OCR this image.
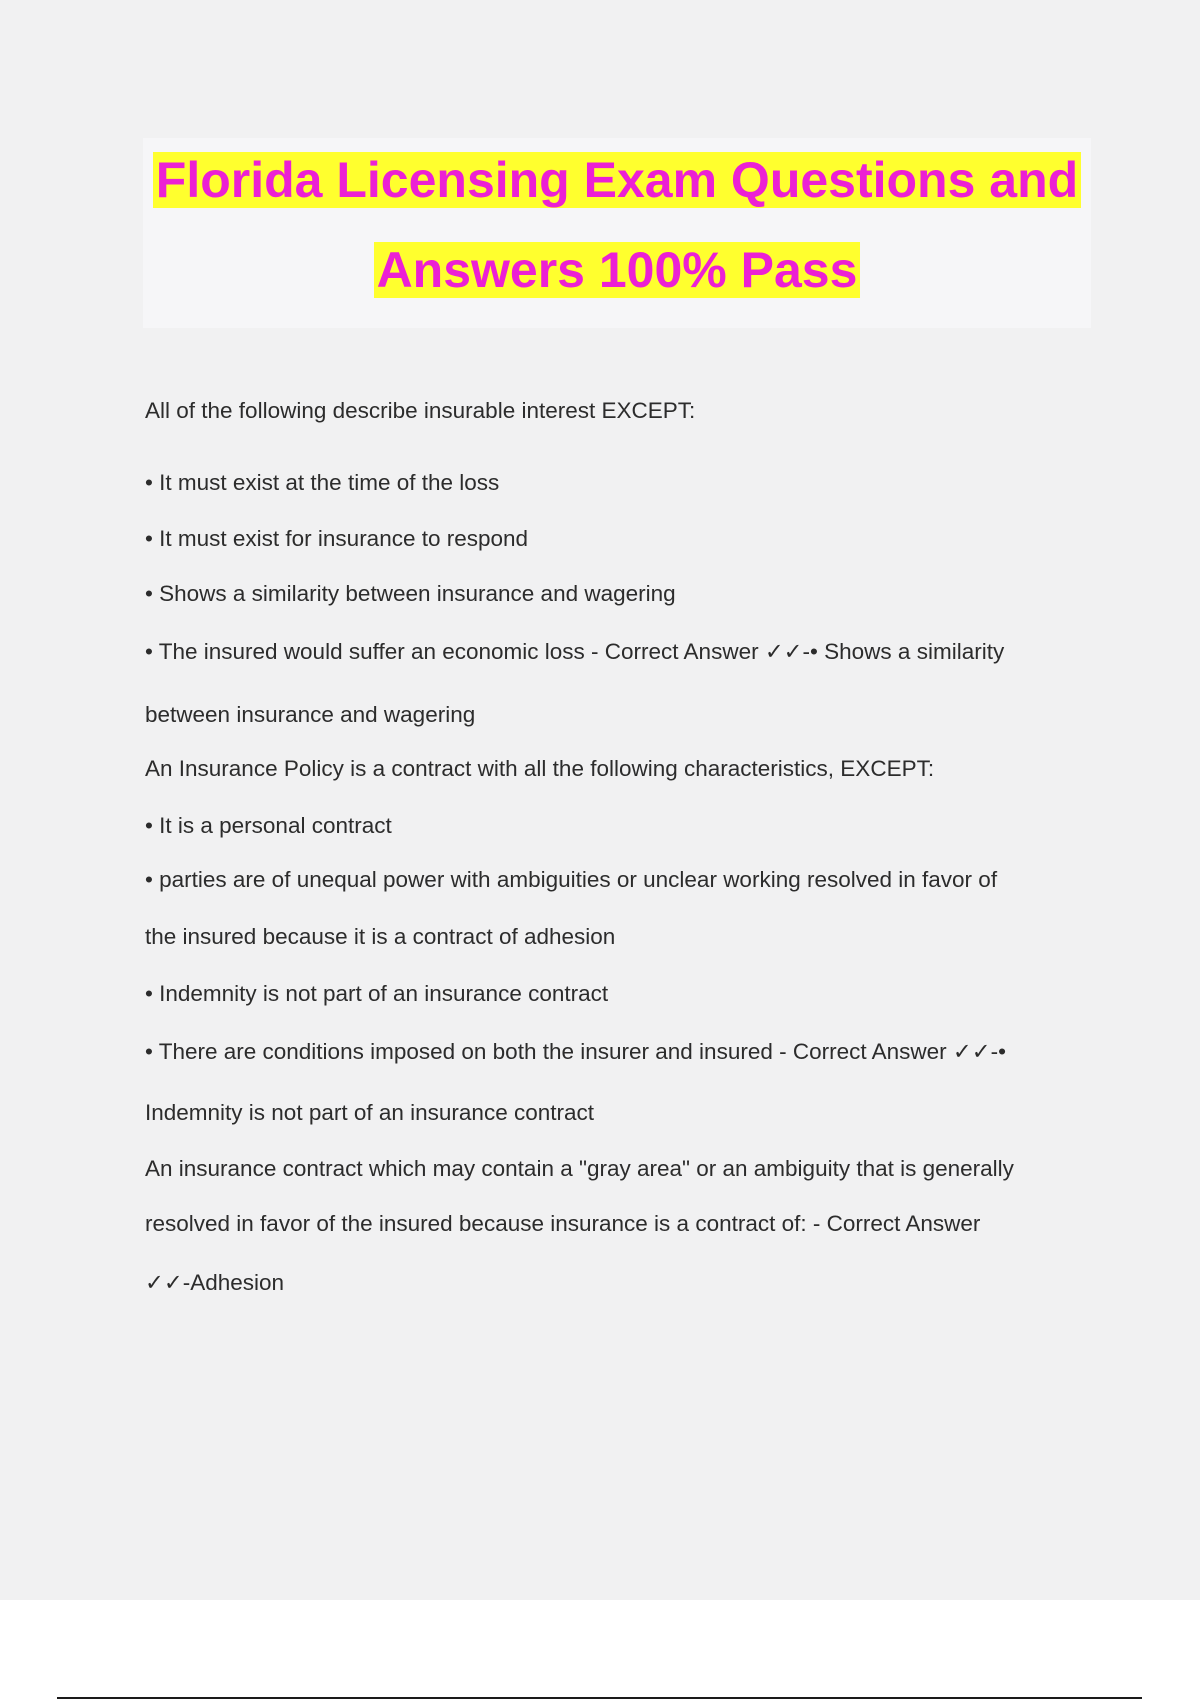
Florida Licensing Exam Questions and
Answers 100% Pass
All of the following describe insurable interest EXCEPT:
• It must exist at the time of the loss
• It must exist for insurance to respond
• Shows a similarity between insurance and wagering
• The insured would suffer an economic loss - Correct Answer ✓✓-• Shows a similarity
between insurance and wagering
An Insurance Policy is a contract with all the following characteristics, EXCEPT:
• It is a personal contract
• parties are of unequal power with ambiguities or unclear working resolved in favor of
the insured because it is a contract of adhesion
• Indemnity is not part of an insurance contract
• There are conditions imposed on both the insurer and insured - Correct Answer ✓✓-•
Indemnity is not part of an insurance contract
An insurance contract which may contain a "gray area" or an ambiguity that is generally
resolved in favor of the insured because insurance is a contract of: - Correct Answer
✓✓-Adhesion
